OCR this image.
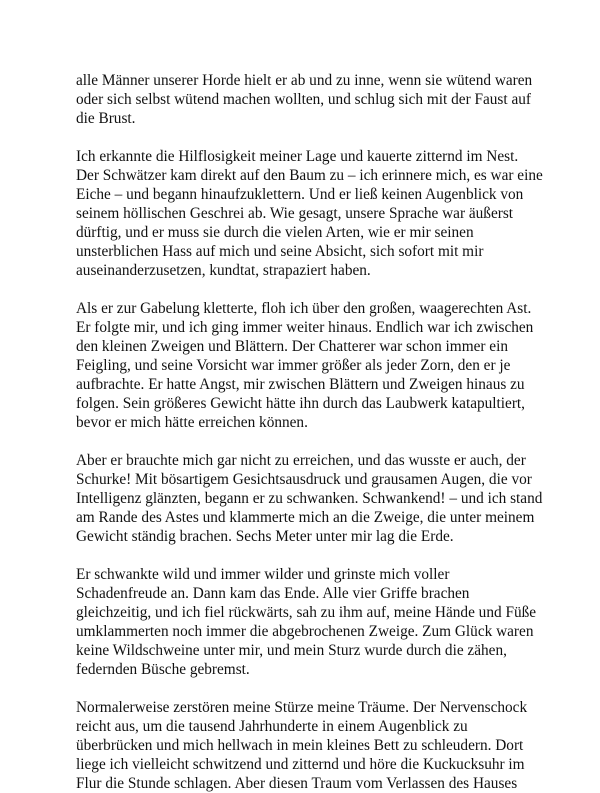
alle Männer unserer Horde hielt er ab und zu inne, wenn sie wütend waren
oder sich selbst wütend machen wollten, und schlug sich mit der Faust auf
die Brust.

Ich erkannte die Hilflosigkeit meiner Lage und kauerte zitternd im Nest.
Der Schwätzer kam direkt auf den Baum zu – ich erinnere mich, es war eine
Eiche – und begann hinaufzuklettern. Und er ließ keinen Augenblick von
seinem höllischen Geschrei ab. Wie gesagt, unsere Sprache war äußerst
dürftig, und er muss sie durch die vielen Arten, wie er mir seinen
unsterblichen Hass auf mich und seine Absicht, sich sofort mit mir
auseinanderzusetzen, kundtat, strapaziert haben.

Als er zur Gabelung kletterte, floh ich über den großen, waagerechten Ast.
Er folgte mir, und ich ging immer weiter hinaus. Endlich war ich zwischen
den kleinen Zweigen und Blättern. Der Chatterer war schon immer ein
Feigling, und seine Vorsicht war immer größer als jeder Zorn, den er je
aufbrachte. Er hatte Angst, mir zwischen Blättern und Zweigen hinaus zu
folgen. Sein größeres Gewicht hätte ihn durch das Laubwerk katapultiert,
bevor er mich hätte erreichen können.

Aber er brauchte mich gar nicht zu erreichen, und das wusste er auch, der
Schurke! Mit bösartigem Gesichtsausdruck und grausamen Augen, die vor
Intelligenz glänzten, begann er zu schwanken. Schwankend! – und ich stand
am Rande des Astes und klammerte mich an die Zweige, die unter meinem
Gewicht ständig brachen. Sechs Meter unter mir lag die Erde.

Er schwankte wild und immer wilder und grinste mich voller
Schadenfreude an. Dann kam das Ende. Alle vier Griffe brachen
gleichzeitig, und ich fiel rückwärts, sah zu ihm auf, meine Hände und Füße
umklammerten noch immer die abgebrochenen Zweige. Zum Glück waren
keine Wildschweine unter mir, und mein Sturz wurde durch die zähen,
federnden Büsche gebremst.

Normalerweise zerstören meine Stürze meine Träume. Der Nervenschock
reicht aus, um die tausend Jahrhunderte in einem Augenblick zu
überbrücken und mich hellwach in mein kleines Bett zu schleudern. Dort
liege ich vielleicht schwitzend und zitternd und höre die Kuckucksuhr im
Flur die Stunde schlagen. Aber diesen Traum vom Verlassen des Hauses
